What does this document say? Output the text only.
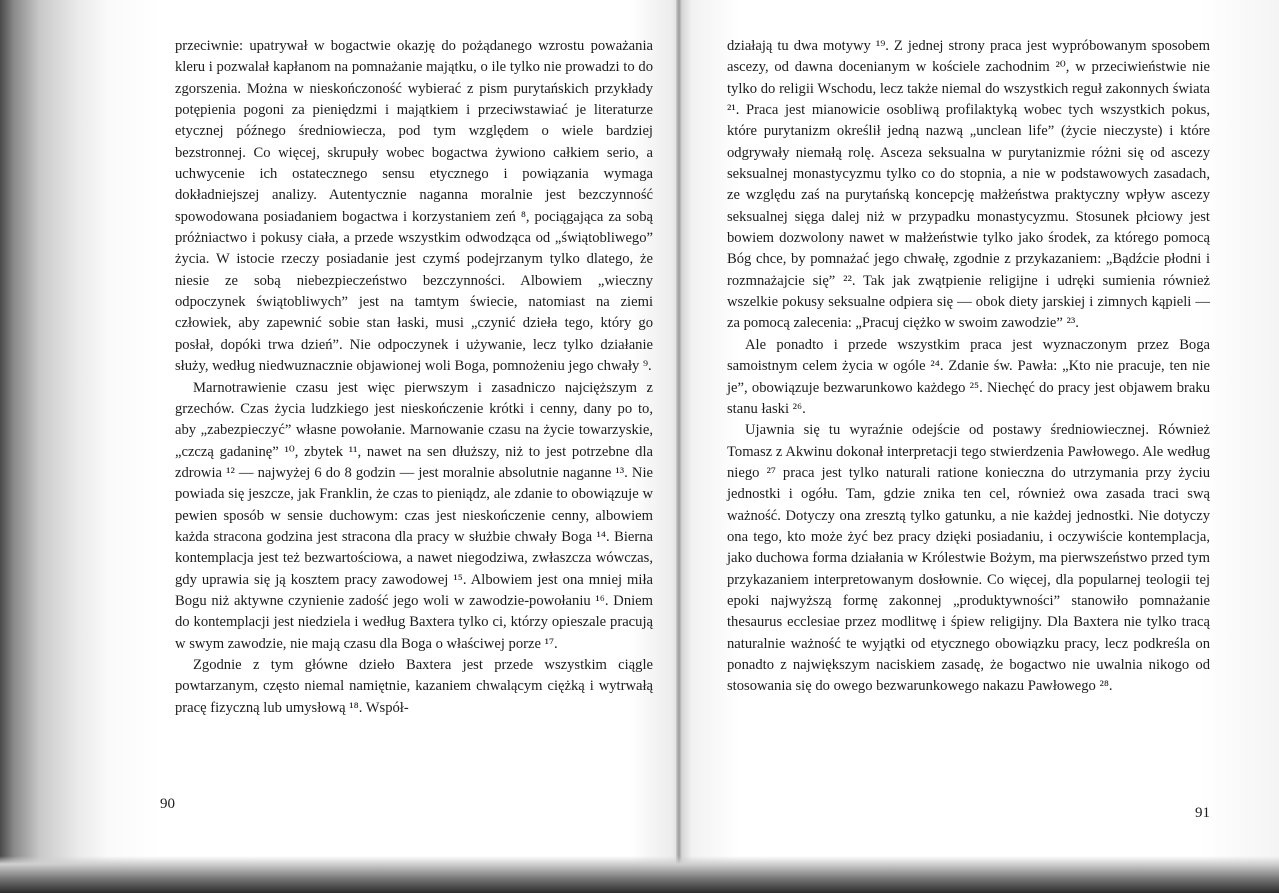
przeciwnie: upatrywał w bogactwie okazję do pożądanego wzrostu poważania kleru i pozwalał kapłanom na pomnażanie majątku, o ile tylko nie prowadzi to do zgorszenia. Można w nieskończoność wybierać z pism purytańskich przykłady potępienia pogoni za pieniędzmi i majątkiem i przeciwstawiać je literaturze etycznej późnego średniowiecza, pod tym względem o wiele bardziej bezstronnej. Co więcej, skrupuły wobec bogactwa żywiono całkiem serio, a uchwycenie ich ostatecznego sensu etycznego i powiązania wymaga dokładniejszej analizy. Autentycznie naganna moralnie jest bezczynność spowodowana posiadaniem bogactwa i korzystaniem zeń ⁸, pociągająca za sobą próżniactwo i pokusy ciała, a przede wszystkim odwodząca od „świątobliwego” życia. W istocie rzeczy posiadanie jest czymś podejrzanym tylko dlatego, że niesie ze sobą niebezpieczeństwo bezczynności. Albowiem „wieczny odpoczynek świątobliwych” jest na tamtym świecie, natomiast na ziemi człowiek, aby zapewnić sobie stan łaski, musi „czynić dzieła tego, który go posłał, dopóki trwa dzień”. Nie odpoczynek i używanie, lecz tylko działanie służy, według niedwuznacznie objawionej woli Boga, pomnożeniu jego chwały ⁹.

Marnotrawienie czasu jest więc pierwszym i zasadniczo najcięższym z grzechów. Czas życia ludzkiego jest nieskończenie krótki i cenny, dany po to, aby „zabezpieczyć” własne powołanie. Marnowanie czasu na życie towarzyskie, „czczą gadaninę” ¹⁰, zbytek ¹¹, nawet na sen dłuższy, niż to jest potrzebne dla zdrowia ¹² — najwyżej 6 do 8 godzin — jest moralnie absolutnie naganne ¹³. Nie powiada się jeszcze, jak Franklin, że czas to pieniądz, ale zdanie to obowiązuje w pewien sposób w sensie duchowym: czas jest nieskończenie cenny, albowiem każda stracona godzina jest stracona dla pracy w służbie chwały Boga ¹⁴. Bierna kontemplacja jest też bezwartościowa, a nawet niegodziwa, zwłaszcza wówczas, gdy uprawia się ją kosztem pracy zawodowej ¹⁵. Albowiem jest ona mniej miła Bogu niż aktywne czynienie zadość jego woli w zawodzie-powołaniu ¹⁶. Dniem do kontemplacji jest niedziela i według Baxtera tylko ci, którzy opieszale pracują w swym zawodzie, nie mają czasu dla Boga o właściwej porze ¹⁷.

Zgodnie z tym główne dzieło Baxtera jest przede wszystkim ciągle powtarzanym, często niemal namiętnie, kazaniem chwalącym ciężką i wytrwałą pracę fizyczną lub umysłową ¹⁸. Współ-

90

działają tu dwa motywy ¹⁹. Z jednej strony praca jest wypróbowanym sposobem ascezy, od dawna docenianym w kościele zachodnim ²⁰, w przeciwieństwie nie tylko do religii Wschodu, lecz także niemal do wszystkich reguł zakonnych świata ²¹. Praca jest mianowicie osobliwą profilaktyką wobec tych wszystkich pokus, które purytanizm określił jedną nazwą „unclean life” (życie nieczyste) i które odgrywały niemałą rolę. Asceza seksualna w purytanizmie różni się od ascezy seksualnej monastycyzmu tylko co do stopnia, a nie w podstawowych zasadach, ze względu zaś na purytańską koncepcję małżeństwa praktyczny wpływ ascezy seksualnej sięga dalej niż w przypadku monastycyzmu. Stosunek płciowy jest bowiem dozwolony nawet w małżeństwie tylko jako środek, za którego pomocą Bóg chce, by pomnażać jego chwałę, zgodnie z przykazaniem: „Bądźcie płodni i rozmnażajcie się” ²². Tak jak zwątpienie religijne i udręki sumienia również wszelkie pokusy seksualne odpiera się — obok diety jarskiej i zimnych kąpieli — za pomocą zalecenia: „Pracuj ciężko w swoim zawodzie” ²³.

Ale ponadto i przede wszystkim praca jest wyznaczonym przez Boga samoistnym celem życia w ogóle ²⁴. Zdanie św. Pawła: „Kto nie pracuje, ten nie je”, obowiązuje bezwarunkowo każdego ²⁵. Niechęć do pracy jest objawem braku stanu łaski ²⁶.

Ujawnia się tu wyraźnie odejście od postawy średniowiecznej. Również Tomasz z Akwinu dokonał interpretacji tego stwierdzenia Pawłowego. Ale według niego ²⁷ praca jest tylko naturali ratione konieczna do utrzymania przy życiu jednostki i ogółu. Tam, gdzie znika ten cel, również owa zasada traci swą ważność. Dotyczy ona zresztą tylko gatunku, a nie każdej jednostki. Nie dotyczy ona tego, kto może żyć bez pracy dzięki posiadaniu, i oczywiście kontemplacja, jako duchowa forma działania w Królestwie Bożym, ma pierwszeństwo przed tym przykazaniem interpretowanym dosłownie. Co więcej, dla popularnej teologii tej epoki najwyższą formę zakonnej „produktywności” stanowiło pomnażanie thesaurus ecclesiae przez modlitwę i śpiew religijny. Dla Baxtera nie tylko tracą naturalnie ważność te wyjątki od etycznego obowiązku pracy, lecz podkreśla on ponadto z największym naciskiem zasadę, że bogactwo nie uwalnia nikogo od stosowania się do owego bezwarunkowego nakazu Pawłowego ²⁸.

91
